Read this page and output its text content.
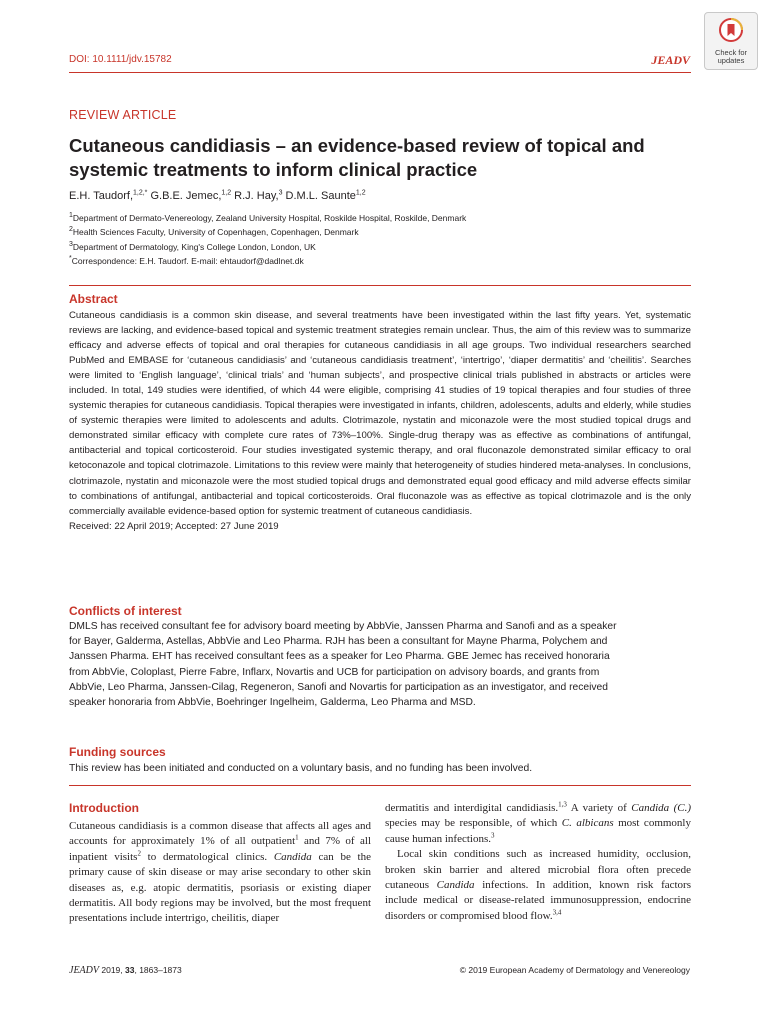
DOI: 10.1111/jdv.15782	JEADV
Check for
updates
REVIEW ARTICLE
Cutaneous candidiasis – an evidence-based review of topical and systemic treatments to inform clinical practice
E.H. Taudorf,$^{1,2,*}$ G.B.E. Jemec,$^{1,2}$ R.J. Hay,$^3$ D.M.L. Saunte$^{1,2}$
$^1$Department of Dermato-Venereology, Zealand University Hospital, Roskilde Hospital, Roskilde, Denmark
$^2$Health Sciences Faculty, University of Copenhagen, Copenhagen, Denmark
$^3$Department of Dermatology, King's College London, London, UK
*Correspondence: E.H. Taudorf. E-mail: ehtaudorf@dadlnet.dk
Abstract
Cutaneous candidiasis is a common skin disease, and several treatments have been investigated within the last fifty years. Yet, systematic reviews are lacking, and evidence-based topical and systemic treatment strategies remain unclear. Thus, the aim of this review was to summarize efficacy and adverse effects of topical and oral therapies for cutaneous candidiasis in all age groups. Two individual researchers searched PubMed and EMBASE for ‘cutaneous candidiasis’ and ‘cutaneous candidiasis treatment’, ‘intertrigo’, ‘diaper dermatitis’ and ‘cheilitis’. Searches were limited to ‘English language’, ‘clinical trials’ and ‘human subjects’, and prospective clinical trials published in abstracts or articles were included. In total, 149 studies were identified, of which 44 were eligible, comprising 41 studies of 19 topical therapies and four studies of three systemic therapies for cutaneous candidiasis. Topical therapies were investigated in infants, children, adolescents, adults and elderly, while studies of systemic therapies were limited to adolescents and adults. Clotrimazole, nystatin and miconazole were the most studied topical drugs and demonstrated similar efficacy with complete cure rates of 73%–100%. Single-drug therapy was as effective as combinations of antifungal, antibacterial and topical corticosteroid. Four studies investigated systemic therapy, and oral fluconazole demonstrated similar efficacy to oral ketoconazole and topical clotrimazole. Limitations to this review were mainly that heterogeneity of studies hindered meta-analyses. In conclusions, clotrimazole, nystatin and miconazole were the most studied topical drugs and demonstrated equal good efficacy and mild adverse effects similar to combinations of antifungal, antibacterial and topical corticosteroids. Oral fluconazole was as effective as topical clotrimazole and is the only commercially available evidence-based option for systemic treatment of cutaneous candidiasis.
Received: 22 April 2019; Accepted: 27 June 2019
Conflicts of interest
DMLS has received consultant fee for advisory board meeting by AbbVie, Janssen Pharma and Sanofi and as a speaker for Bayer, Galderma, Astellas, AbbVie and Leo Pharma. RJH has been a consultant for Mayne Pharma, Polychem and Janssen Pharma. EHT has received consultant fees as a speaker for Leo Pharma. GBE Jemec has received honoraria from AbbVie, Coloplast, Pierre Fabre, Inflarx, Novartis and UCB for participation on advisory boards, and grants from AbbVie, Leo Pharma, Janssen-Cilag, Regeneron, Sanofi and Novartis for participation as an investigator, and received speaker honoraria from AbbVie, Boehringer Ingelheim, Galderma, Leo Pharma and MSD.
Funding sources
This review has been initiated and conducted on a voluntary basis, and no funding has been involved.
Introduction
Cutaneous candidiasis is a common disease that affects all ages and accounts for approximately 1% of all outpatient$^1$ and 7% of all inpatient visits$^2$ to dermatological clinics. Candida can be the primary cause of skin disease or may arise secondary to other skin diseases as, e.g. atopic dermatitis, psoriasis or existing diaper dermatitis. All body regions may be involved, but the most frequent presentations include intertrigo, cheilitis, diaper
dermatitis and interdigital candidiasis.$^{1,3}$ A variety of Candida (C.) species may be responsible, of which C. albicans most commonly cause human infections.$^3$
Local skin conditions such as increased humidity, occlusion, broken skin barrier and altered microbial flora often precede cutaneous Candida infections. In addition, known risk factors include medical or disease-related immunosuppression, endocrine disorders or compromised blood flow.$^{3,4}$
JEADV 2019, 33, 1863–1873	© 2019 European Academy of Dermatology and Venereology
